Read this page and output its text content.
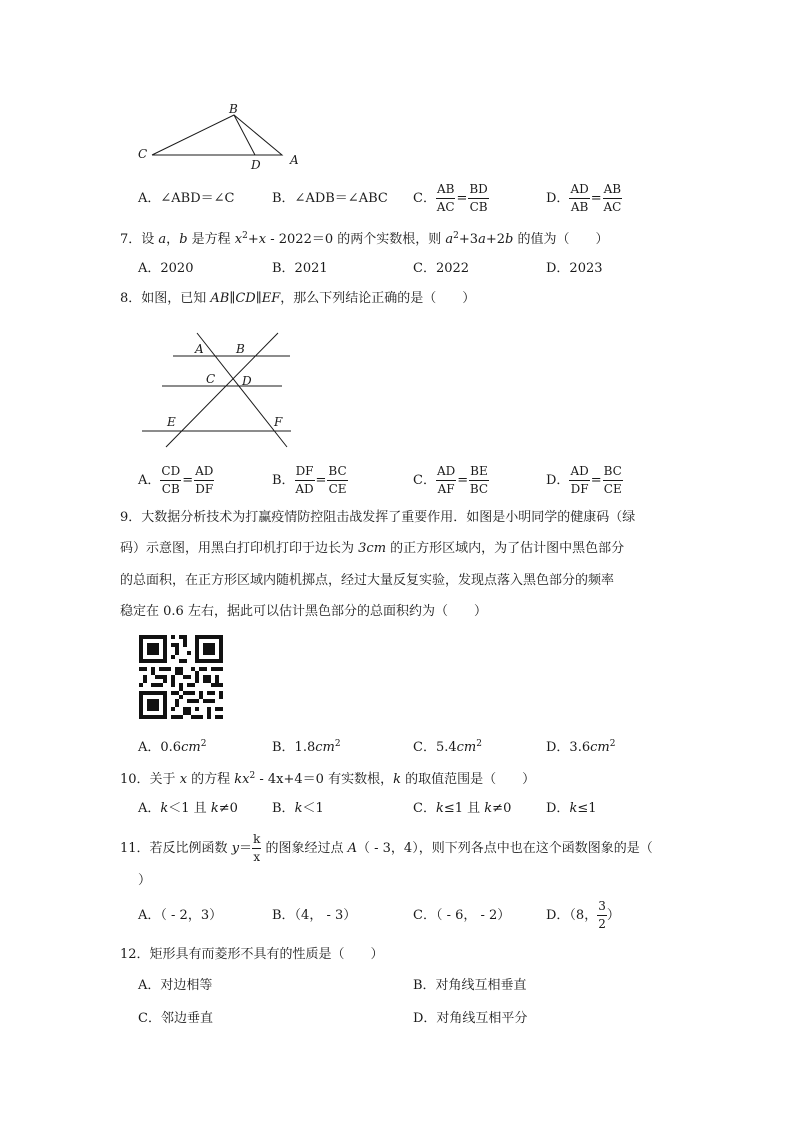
B
C
D A
A．∠ABD＝∠C	B．∠ADB＝∠ABC C． $\frac{AB}{AC} = \frac{BD}{CB}$	D． $\frac{AD}{AB} = \frac{AB}{AC}$
7．设 a，b 是方程 $x^2+x - 2022=0$ 的两个实数根，则 $a^2+3a+2b$ 的值为（　　）
A．2020	B．2021	C．2022	D．2023
8．如图，已知 AB∥CD∥EF，那么下列结论正确的是（　　）
A	B
C D
E	F
A． $\frac{CD}{CB} = \frac{AD}{DF}$	B． $\frac{DF}{AD} = \frac{BC}{CE}$	C． $\frac{AD}{AF} = \frac{BE}{BC}$	D． $\frac{AD}{DF} = \frac{BC}{CE}$
9．大数据分析技术为打赢疫情防控阻击战发挥了重要作用．如图是小明同学的健康码（绿
码）示意图，用黑白打印机打印于边长为 3cm 的正方形区域内，为了估计图中黑色部分
的总面积，在正方形区域内随机掷点，经过大量反复实验，发现点落入黑色部分的频率
稳定在 0.6 左右，据此可以估计黑色部分的总面积约为（　　）
A．$0.6cm^2$	B．$1.8cm^2$	C．$5.4cm^2$	D．$3.6cm^2$
10．关于 x 的方程 $kx^2 - 4x+4=0$ 有实数根，k 的取值范围是（　　）
A．k＜1 且 k≠0	B．k＜1	C．k≤1 且 k≠0	D．k≤1
11．若反比例函数 $y= \frac{k}{x}$ 的图象经过点 A（ - 3，4），则下列各点中也在这个函数图象的是（
）
A．（ - 2，3）	B．（4， - 3）	C．（ - 6， - 2）	D．（8， $\frac{3}{2}$ ）
12．矩形具有而菱形不具有的性质是（　　）
A．对边相等	B．对角线互相垂直
C．邻边垂直	D．对角线互相平分
